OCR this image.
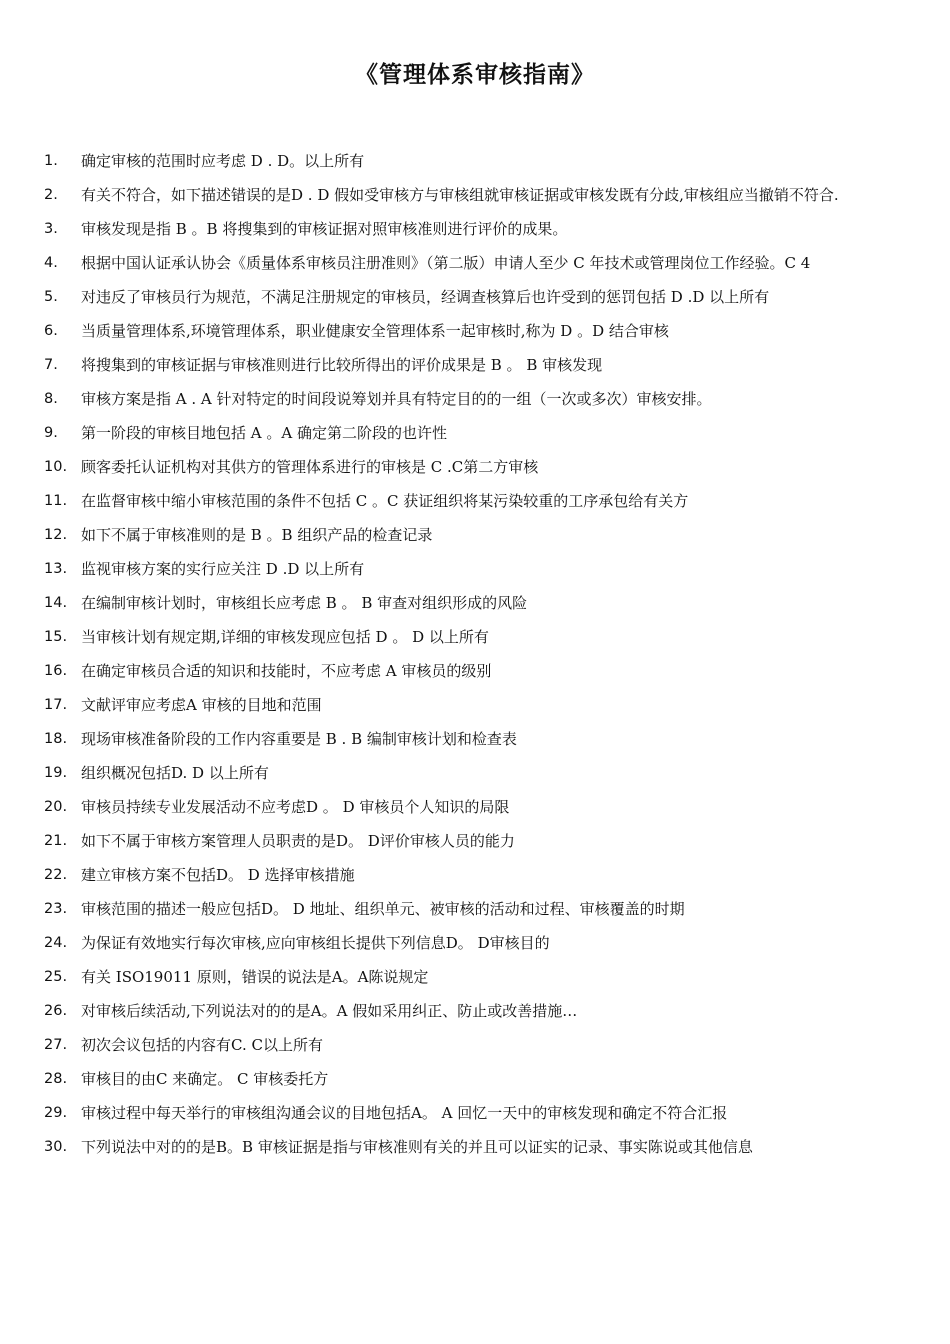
《管理体系审核指南》
1.	确定审核的范围时应考虑 D . D。以上所有
2.	有关不符合，如下描述错误的是D . D 假如受审核方与审核组就审核证据或审核发既有分歧,审核组应当撤销不符合.
3.	审核发现是指 B 。B 将搜集到的审核证据对照审核准则进行评价的成果。
4.	根据中国认证承认协会《质量体系审核员注册准则》（第二版）申请人至少 C 年技术或管理岗位工作经验。C 4
5.	对违反了审核员行为规范，不满足注册规定的审核员，经调查核算后也许受到的惩罚包括 D .D 以上所有
6.	当质量管理体系,环境管理体系，职业健康安全管理体系一起审核时,称为 D 。D 结合审核
7.	将搜集到的审核证据与审核准则进行比较所得出的评价成果是 B 。 B 审核发现
8.	审核方案是指 A . A 针对特定的时间段说筹划并具有特定目的的一组（一次或多次）审核安排。
9.	第一阶段的审核目地包括 A 。A 确定第二阶段的也许性
10. 顾客委托认证机构对其供方的管理体系进行的审核是 C .C第二方审核
11. 在监督审核中缩小审核范围的条件不包括 C 。C 获证组织将某污染较重的工序承包给有关方
12. 如下不属于审核准则的是 B 。B 组织产品的检查记录
13. 监视审核方案的实行应关注 D .D 以上所有
14. 在编制审核计划时，审核组长应考虑 B 。 B 审查对组织形成的风险
15. 当审核计划有规定期,详细的审核发现应包括 D 。 D 以上所有
16. 在确定审核员合适的知识和技能时，不应考虑 A 审核员的级别
17. 文献评审应考虑A 审核的目地和范围
18. 现场审核准备阶段的工作内容重要是 B . B 编制审核计划和检查表
19. 组织概况包括D. D 以上所有
20. 审核员持续专业发展活动不应考虑D 。 D 审核员个人知识的局限
21. 如下不属于审核方案管理人员职责的是D。 D评价审核人员的能力
22. 建立审核方案不包括D。 D 选择审核措施
23. 审核范围的描述一般应包括D。 D 地址、组织单元、被审核的活动和过程、审核覆盖的时期
24. 为保证有效地实行每次审核,应向审核组长提供下列信息D。 D审核目的
25. 有关 ISO19011 原则，错误的说法是A。A陈说规定
26. 对审核后续活动,下列说法对的的是A。A 假如采用纠正、防止或改善措施…
27. 初次会议包括的内容有C. C以上所有
28. 审核目的由C 来确定。 C 审核委托方
29. 审核过程中每天举行的审核组沟通会议的目地包括A。 A 回忆一天中的审核发现和确定不符合汇报
30. 下列说法中对的的是B。B 审核证据是指与审核准则有关的并且可以证实的记录、事实陈说或其他信息
